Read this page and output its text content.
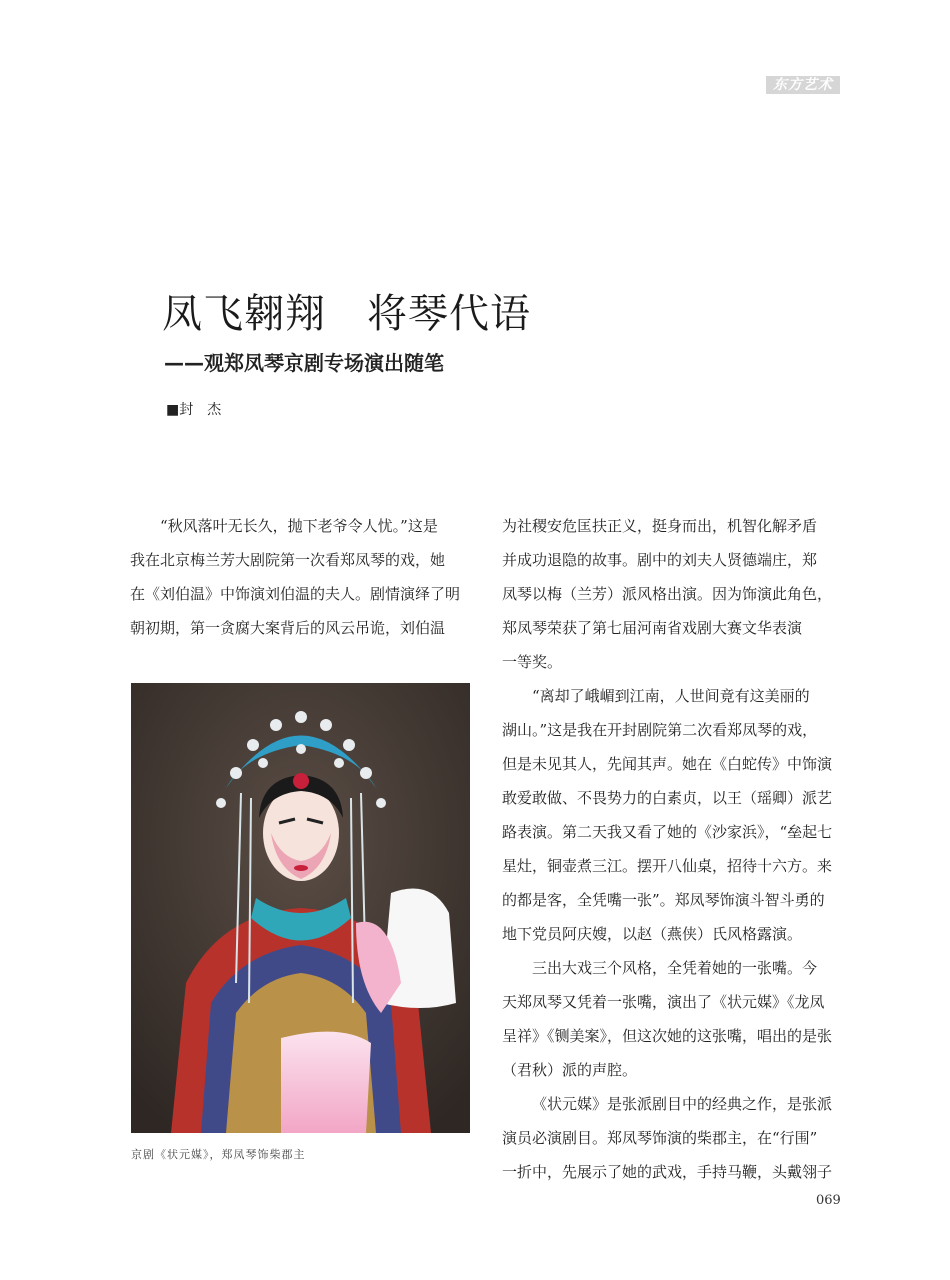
东方艺术
凤飞翱翔　将琴代语
——观郑凤琴京剧专场演出随笔
■封　杰
“秋风落叶无长久，抛下老爷令人忧。”这是
我在北京梅兰芳大剧院第一次看郑凤琴的戏，她
在《刘伯温》中饰演刘伯温的夫人。剧情演绎了明
朝初期，第一贪腐大案背后的风云吊诡，刘伯温
京剧《状元媒》，郑凤琴饰柴郡主
为社稷安危匡扶正义，挺身而出，机智化解矛盾
并成功退隐的故事。剧中的刘夫人贤德端庄，郑
凤琴以梅（兰芳）派风格出演。因为饰演此角色，
郑凤琴荣获了第七届河南省戏剧大赛文华表演
一等奖。
“离却了峨嵋到江南，人世间竟有这美丽的
湖山。”这是我在开封剧院第二次看郑凤琴的戏，
但是未见其人，先闻其声。她在《白蛇传》中饰演
敢爱敢做、不畏势力的白素贞，以王（瑶卿）派艺
路表演。第二天我又看了她的《沙家浜》，“垒起七
星灶，铜壶煮三江。摆开八仙桌，招待十六方。来
的都是客，全凭嘴一张”。郑凤琴饰演斗智斗勇的
地下党员阿庆嫂，以赵（燕侠）氏风格露演。
三出大戏三个风格，全凭着她的一张嘴。今
天郑凤琴又凭着一张嘴，演出了《状元媒》《龙凤
呈祥》《铡美案》，但这次她的这张嘴，唱出的是张
（君秋）派的声腔。
《状元媒》是张派剧目中的经典之作，是张派
演员必演剧目。郑凤琴饰演的柴郡主，在“行围”
一折中，先展示了她的武戏，手持马鞭，头戴翎子
069
